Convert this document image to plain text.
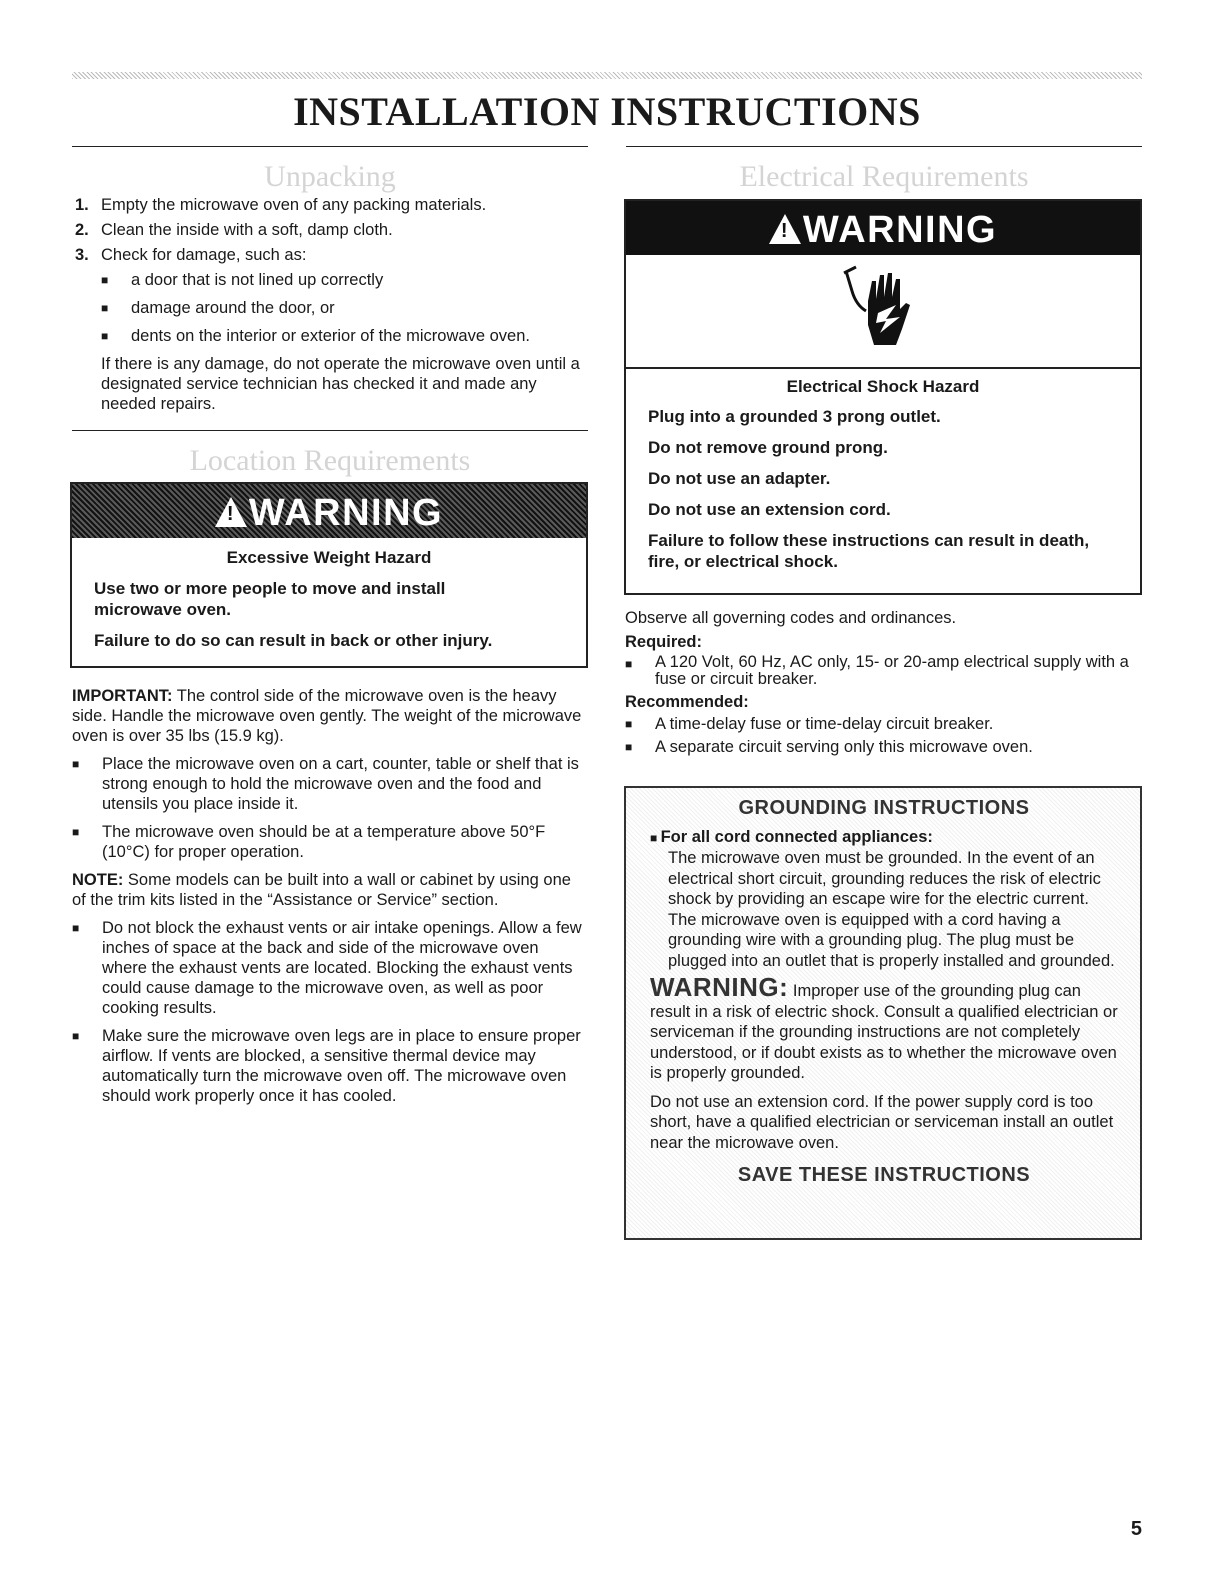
INSTALLATION INSTRUCTIONS
Unpacking
1. Empty the microwave oven of any packing materials.
2. Clean the inside with a soft, damp cloth.
3. Check for damage, such as:
■	a door that is not lined up correctly
■	damage around the door, or
■	dents on the interior or exterior of the microwave oven.

If there is any damage, do not operate the microwave oven until a designated service technician has checked it and made any needed repairs.

Location Requirements
!WARNING
Excessive Weight Hazard

Use two or more people to move and install microwave oven.

Failure to do so can result in back or other injury.

IMPORTANT: The control side of the microwave oven is the heavy side. Handle the microwave oven gently. The weight of the microwave oven is over 35 lbs (15.9 kg).

■	Place the microwave oven on a cart, counter, table or shelf that is strong enough to hold the microwave oven and the food and utensils you place inside it.
■	The microwave oven should be at a temperature above 50°F (10°C) for proper operation.

NOTE: Some models can be built into a wall or cabinet by using one of the trim kits listed in the “Assistance or Service” section.

■	Do not block the exhaust vents or air intake openings. Allow a few inches of space at the back and side of the microwave oven where the exhaust vents are located. Blocking the exhaust vents could cause damage to the microwave oven, as well as poor cooking results.
■	Make sure the microwave oven legs are in place to ensure proper airflow. If vents are blocked, a sensitive thermal device may automatically turn the microwave oven off. The microwave oven should work properly once it has cooled.
Electrical Requirements
!WARNING
Electrical Shock Hazard

Plug into a grounded 3 prong outlet.

Do not remove ground prong.

Do not use an adapter.

Do not use an extension cord.

Failure to follow these instructions can result in death, fire, or electrical shock.

Observe all governing codes and ordinances.

Required:

■	A 120 Volt, 60 Hz, AC only, 15- or 20-amp electrical supply with a fuse or circuit breaker.

Recommended:

■	A time-delay fuse or time-delay circuit breaker.
■	A separate circuit serving only this microwave oven.
GROUNDING INSTRUCTIONS

■ For all cord connected appliances:

The microwave oven must be grounded. In the event of an electrical short circuit, grounding reduces the risk of electric shock by providing an escape wire for the electric current. The microwave oven is equipped with a cord having a grounding wire with a grounding plug. The plug must be plugged into an outlet that is properly installed and grounded.

WARNING: Improper use of the grounding plug can result in a risk of electric shock. Consult a qualified electrician or serviceman if the grounding instructions are not completely understood, or if doubt exists as to whether the microwave oven is properly grounded.

Do not use an extension cord. If the power supply cord is too short, have a qualified electrician or serviceman install an outlet near the microwave oven.

SAVE THESE INSTRUCTIONS
5
